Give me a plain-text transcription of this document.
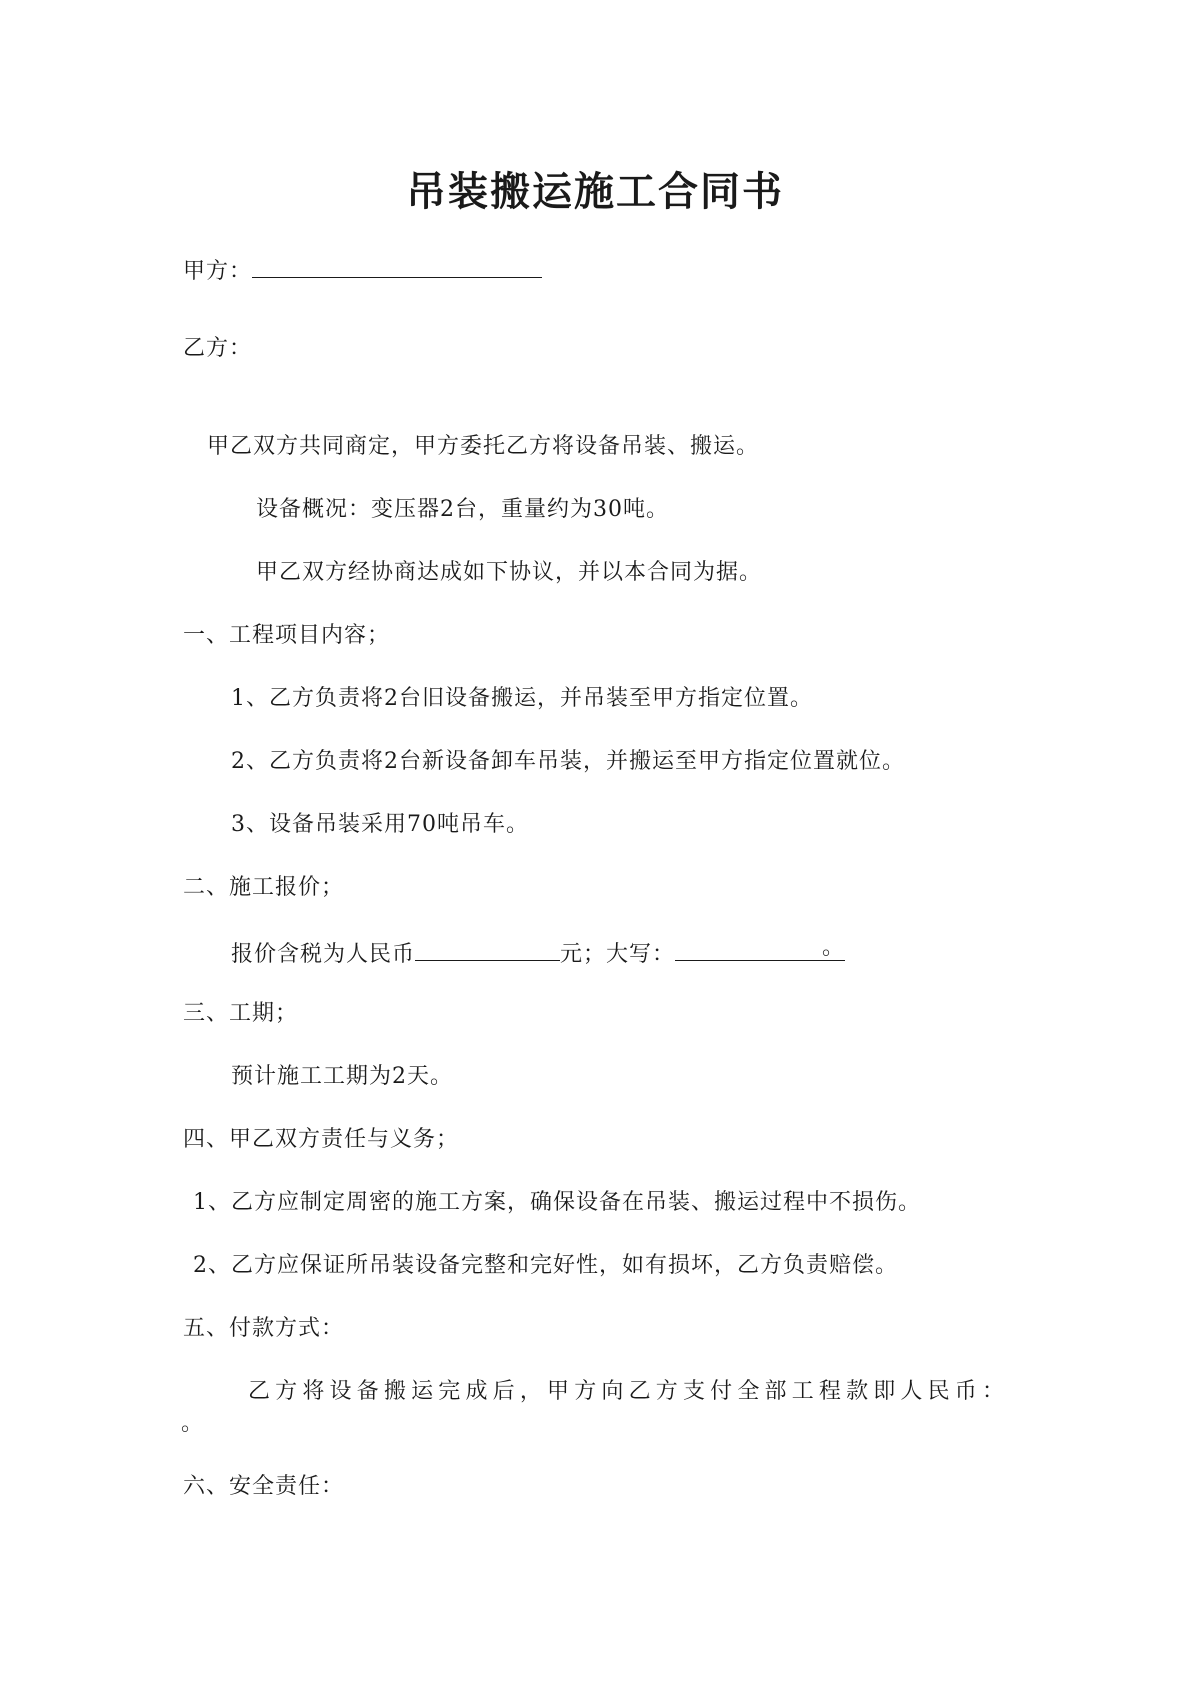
吊装搬运施工合同书
甲方：
乙方：
甲乙双方共同商定，甲方委托乙方将设备吊装、搬运。
设备概况：变压器2台，重量约为30吨。
甲乙双方经协商达成如下协议，并以本合同为据。
一、工程项目内容；
1、乙方负责将2台旧设备搬运，并吊装至甲方指定位置。
2、乙方负责将2台新设备卸车吊装，并搬运至甲方指定位置就位。
3、设备吊装采用70吨吊车。
二、施工报价；
报价含税为人民币	元；大写：	。
三、工期；
预计施工工期为2天。
四、甲乙双方责任与义务；
1、乙方应制定周密的施工方案，确保设备在吊装、搬运过程中不损伤。
2、乙方应保证所吊装设备完整和完好性，如有损坏，乙方负责赔偿。
五、付款方式：
乙方将设备搬运完成后，甲方向乙方支付全部工程款即人民币：
。
六、安全责任：
